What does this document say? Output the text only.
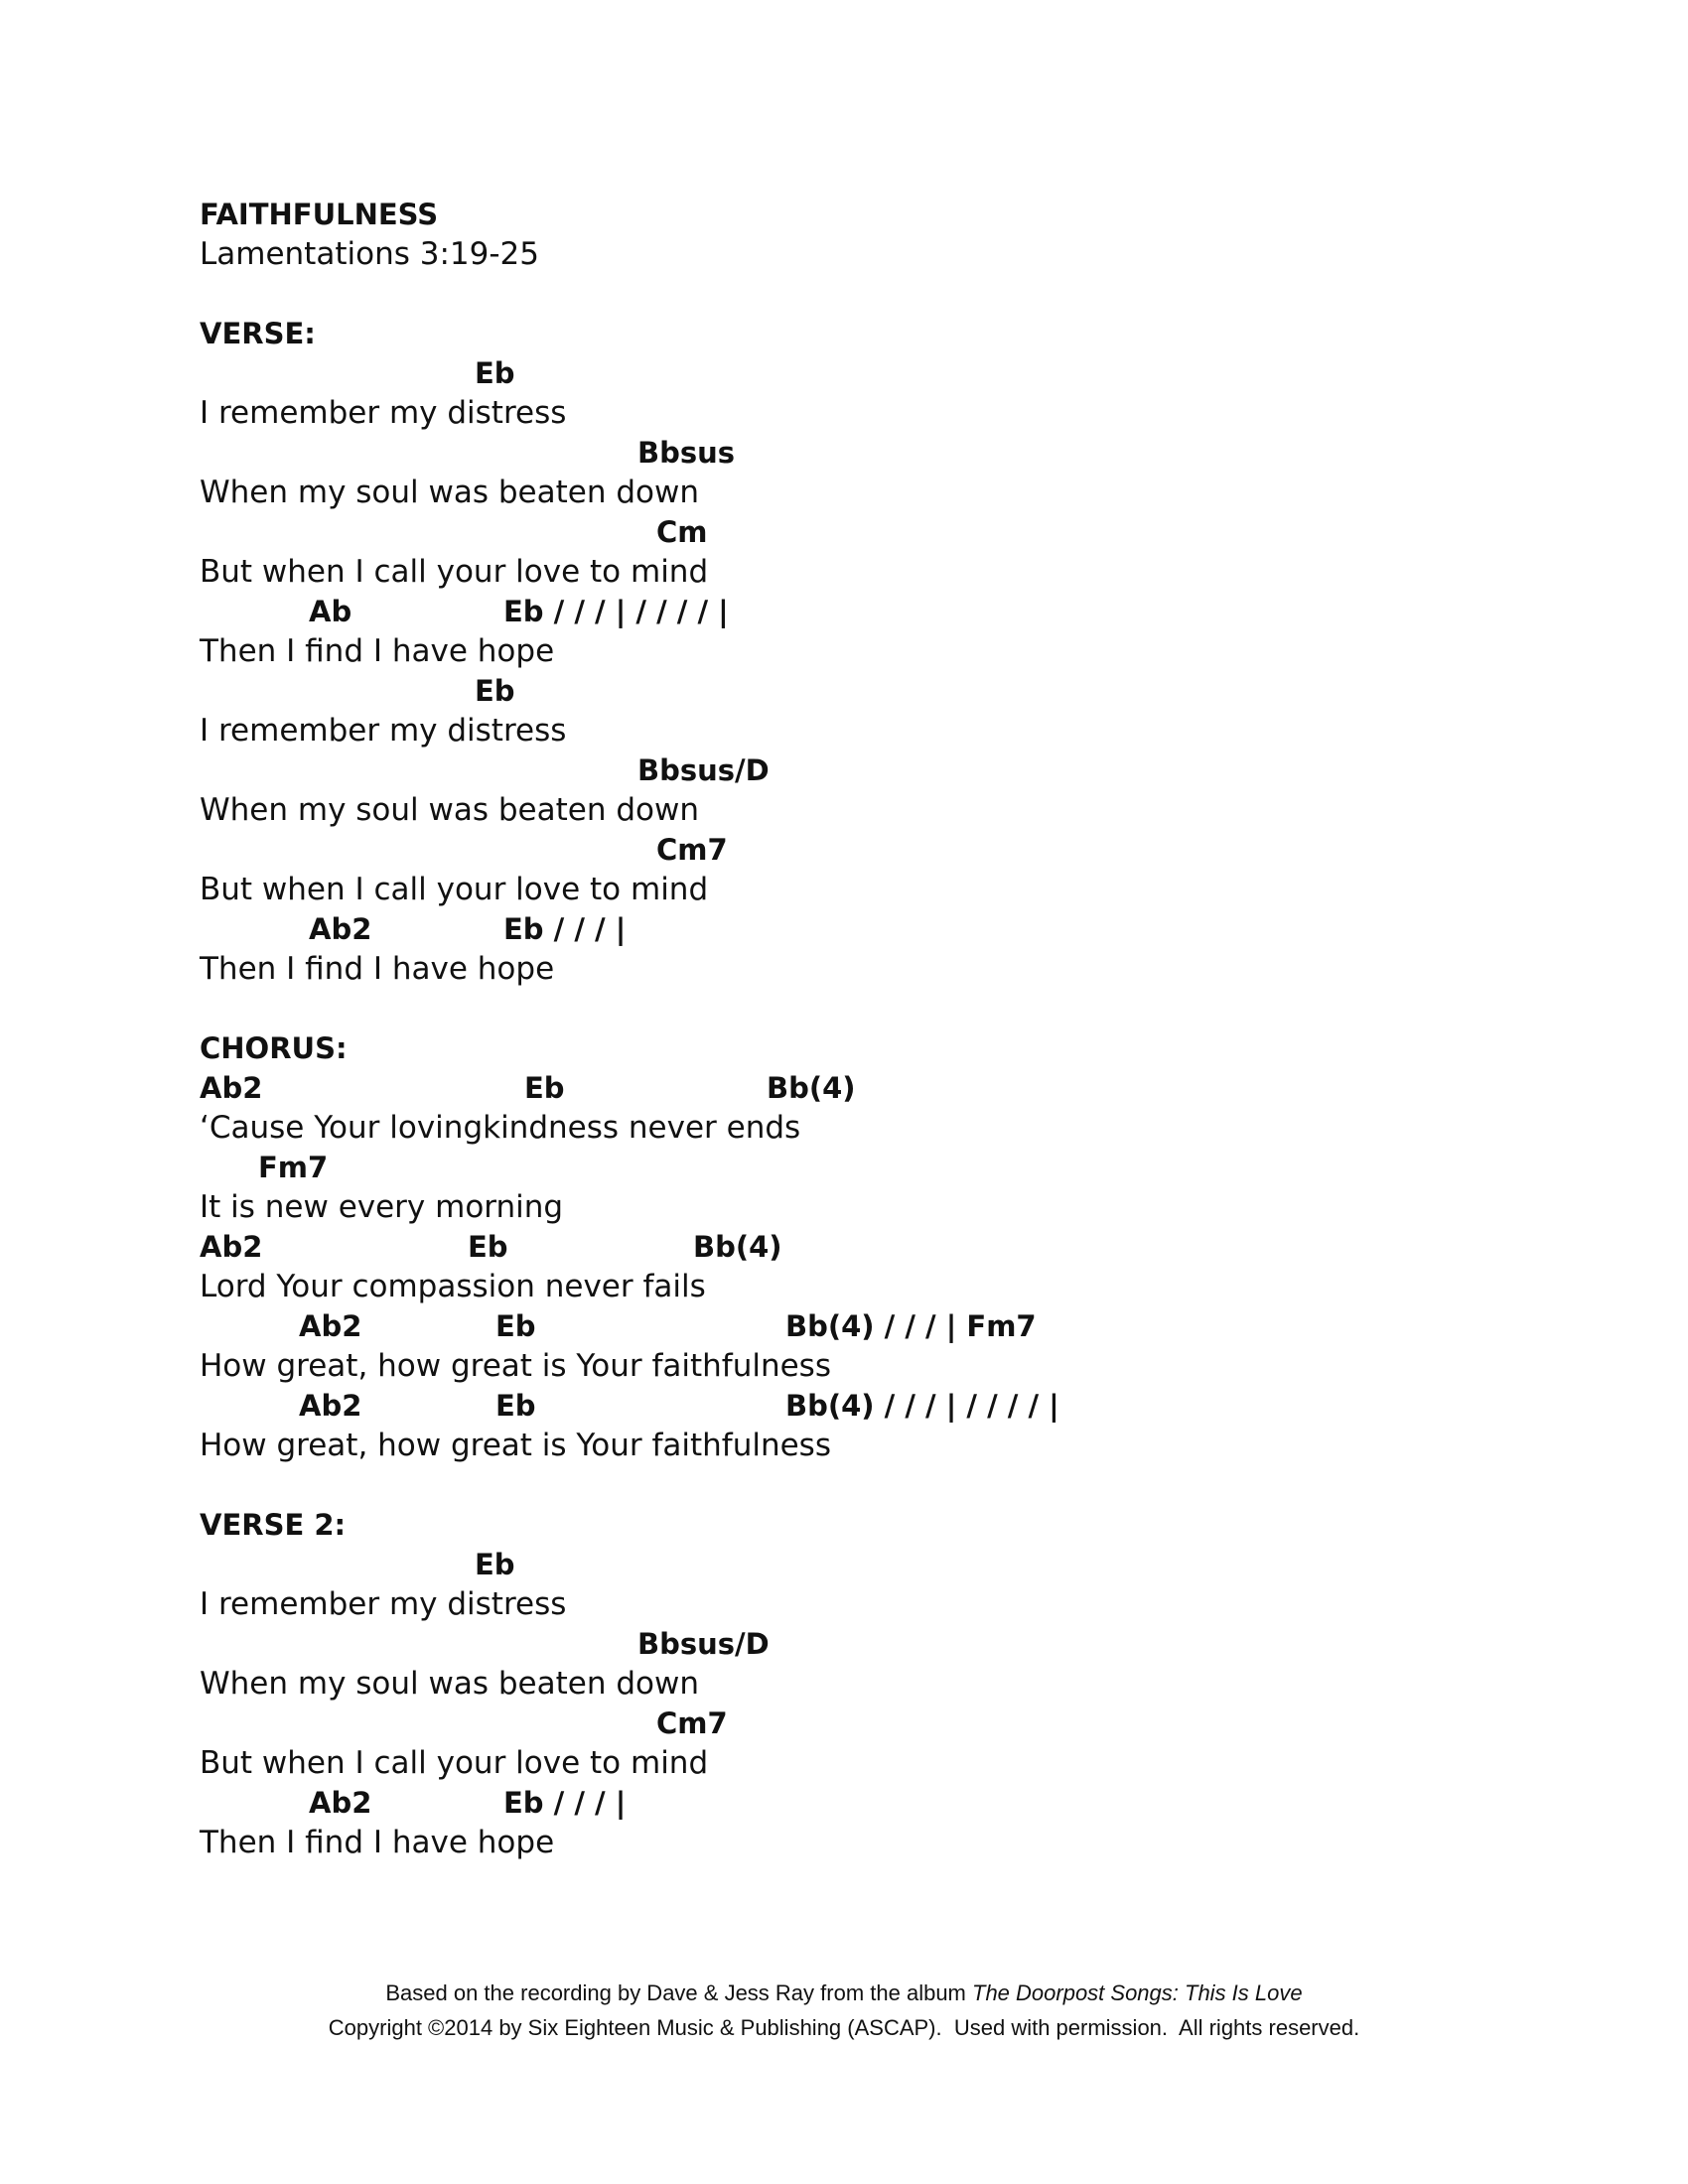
FAITHFULNESS
Lamentations 3:19-25
VERSE:
Eb
I remember my distress
Bbsus
When my soul was beaten down
Cm
But when I call your love to mind
Ab	Eb / / / | / / / / |
Then I find I have hope
Eb
I remember my distress
Bbsus/D
When my soul was beaten down
Cm7
But when I call your love to mind
Ab2	Eb / / / |
Then I find I have hope
CHORUS:
Ab2	Eb	Bb(4)
‘Cause Your lovingkindness never ends
Fm7
It is new every morning
Ab2	Eb	Bb(4)
Lord Your compassion never fails
Ab2	Eb	Bb(4) / / / | Fm7
How great, how great is Your faithfulness
Ab2	Eb	Bb(4) / / / | / / / / |
How great, how great is Your faithfulness
VERSE 2:
Eb
I remember my distress
Bbsus/D
When my soul was beaten down
Cm7
But when I call your love to mind
Ab2	Eb / / / |
Then I find I have hope
Based on the recording by Dave & Jess Ray from the album The Doorpost Songs: This Is Love
Copyright ©2014 by Six Eighteen Music & Publishing (ASCAP).  Used with permission.  All rights reserved.
